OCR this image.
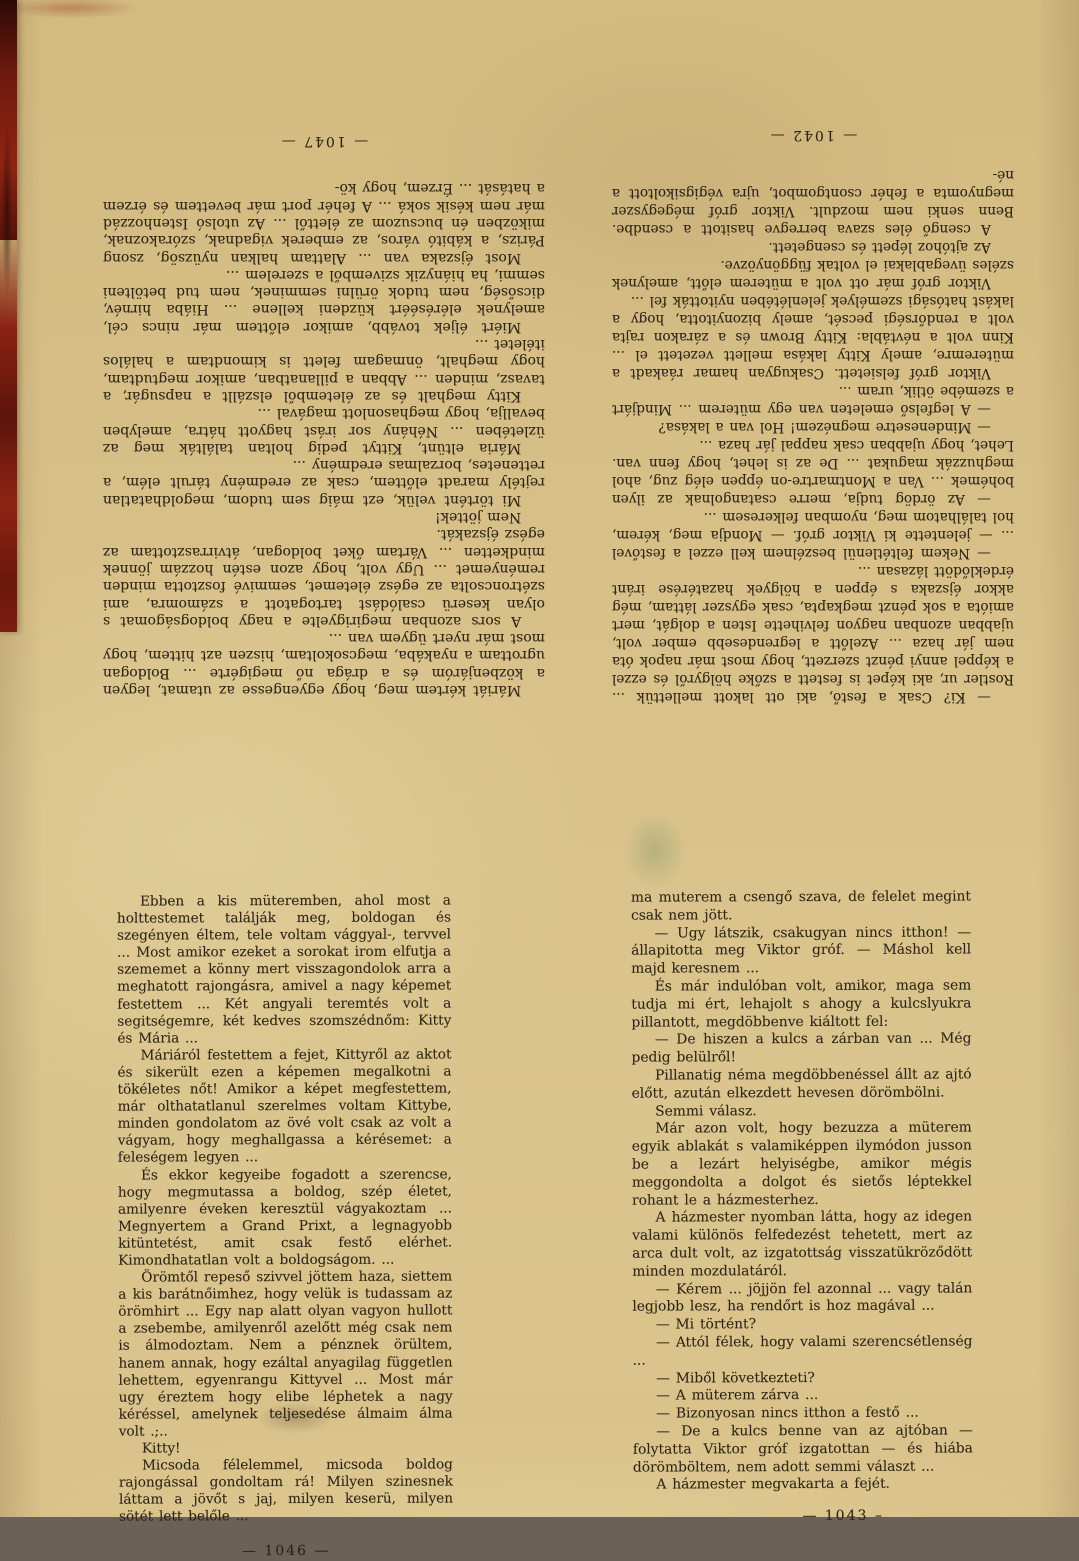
Máriát kértem meg, hogy egyengesse az utamat, legyen a közbenjáróm és a drága nő megigérte ... Boldogan ugrottam a nyakába, megcsokoltam, hiszen azt hittem, hogy most már nyert ügyem van ...

A sors azonban megirigyelte a nagy boldogságomat s olyan keserü csalódást tartogatott a számomra, ami szétroncsolta az egész életemet, semmivé fosztotta minden reményemet ... Ugy volt, hogy azon estén hozzám jönnek mindketten ... Vártam őket boldogan, átvirrasztottam az egész éjszakát.

Nem jöttek!

Mi történt velük, ezt máig sem tudom, megoldhatatlan rejtély maradt előttem, csak az eredmény tárult elém, a rettenetes, borzalmas eredmény ...

Mária eltünt, Kittyt pedig holtan találták meg az üzletében ... Néhány sor irást hagyott hátra, amelyben bevallja, hogy meghasonlott magával ...

Kitty meghalt és az életemből elszállt a napsugár, a tavasz, minden ... Abban a pillanatban, amikor megtudtam, hogy meghalt, önmagam felett is kimondtam a halálos itéletet ...

Miért éljek tovább, amikor előttem már nincs cél, amelynek eléréséért küzdeni kellene ... Hiába hirnév, dicsőség, nem tudok örülni semminek, nem tud betölteni semmi, ha hiányzik szivemből a szerelem ...

Most éjszaka van ... Alattam halkan nyüzsög, zsong Párizs, a kábitó város, az emberek vigadnak, szórakoznak, miközben én bucsuzom az élettől ... Az utolsó Istenhozzád már nem késik soká ... A fehér port már bevettem és érzem a hatását ... Érzem, hogy kö-

— 1047 —

— Ki? Csak a festő, aki ott lakott mellettük ... Rostler ur, aki képet is festett a szőke hölgyről és ezzel a képpel annyi pénzt szerzett, hogy most már napok óta nem jár haza ... Azelőtt a legrendesebb ember volt, ujabban azonban nagyon felvihette Isten a dolgát, mert amióta a sok pénzt megkapta, csak egyszer láttam, még akkor éjszaka s éppen a hölgyek hazatérése iránt érdeklődött lázasan ...

— Nekem feltétlenül beszélnem kell ezzel a festővel ... — jelentette ki Viktor gróf. — Mondja meg, kérem, hol találhatom meg, nyomban felkeresem ...

— Az ördög tudja, merre csatangolnak az ilyen bohémek ... Van a Montmartre-on éppen elég zug, ahol meghuzzák magukat ... De az is lehet, hogy fenn van. Lehet, hogy ujabban csak nappal jár haza ...

— Mindenesetre megnézem! Hol van a lakása?

— A legfelső emeleten van egy müterem ... Mindjárt a szemébe ötlik, uram ...

Viktor gróf felsietett. Csakugyan hamar ráakadt a müteremre, amely Kitty lakása mellett vezetett el ... Kinn volt a névtábla: Kitty Brown és a zárakon rajta volt a rendőrségi pecsét, amely bizonyitotta, hogy a lakást hatósági személyek jelenlétében nyitották fel ...

Viktor gróf már ott volt a müterem előtt, amelynek széles üvegablakai el voltak függönyözve.

Az ajtóhoz lépett és csengetett.

A csengő éles szava berregve hasitott a csendbe. Benn senki nem mozdult. Viktor gróf mégegyszer megnyomta a fehér csontgombot, ujra végigsikoltott a né-

— 1042 —

Ebben a kis müteremben, ahol most a holttestemet találják meg, boldogan és szegényen éltem, tele voltam vággyal-, tervvel ... Most amikor ezeket a sorokat irom elfutja a szememet a könny mert visszagondolok arra a meghatott rajongásra, amivel a nagy képemet festettem ... Két angyali teremtés volt a segitségemre, két kedves szomszédnőm: Kitty és Mária ...

Máriáról festettem a fejet, Kittyről az aktot és sikerült ezen a képemen megalkotni a tökéletes nőt! Amikor a képet megfestettem, már olthatatlanul szerelmes voltam Kittybe, minden gondolatom az övé volt csak az volt a vágyam, hogy meghallgassa a kérésemet: a feleségem legyen ...

És ekkor kegyeibe fogadott a szerencse, hogy megmutassa a boldog, szép életet, amilyenre éveken keresztül vágyakoztam ... Megnyertem a Grand Prixt, a legnagyobb kitüntetést, amit csak festő elérhet. Kimondhatatlan volt a boldogságom. ...

Örömtől repeső szivvel jöttem haza, siettem a kis barátnőimhez, hogy velük is tudassam az örömhirt ... Egy nap alatt olyan vagyon hullott a zsebembe, amilyenről azelőtt még csak nem is álmodoztam. Nem a pénznek örültem, hanem annak, hogy ezáltal anyagilag független lehettem, egyenrangu Kittyvel ... Most már ugy éreztem hogy elibe léphetek a nagy kéréssel, amelynek teljesedése álmaim álma volt .;..

Kitty!

Micsoda félelemmel, micsoda boldog rajongással gondoltam rá! Milyen szinesnek láttam a jövőt s jaj, milyen keserü, milyen sötét lett belőle ...

— 1046 —

ma muterem a csengő szava, de felelet megint csak nem jött.

— Ugy látszik, csakugyan nincs itthon! — állapitotta meg Viktor gróf. — Máshol kell majd keresnem ...

És már indulóban volt, amikor, maga sem tudja mi ért, lehajolt s ahogy a kulcslyukra pillantott, megdöbbenve kiáltott fel:

— De hiszen a kulcs a zárban van ... Még pedig belülről!

Pillanatig néma megdöbbenéssel állt az ajtó előtt, azután elkezdett hevesen dörömbölni.

Semmi válasz.

Már azon volt, hogy bezuzza a müterem egyik ablakát s valamiképpen ilymódon jusson be a lezárt helyiségbe, amikor mégis meggondolta a dolgot és sietős léptekkel rohant le a házmesterhez.

A házmester nyomban látta, hogy az idegen valami különös felfedezést tehetett, mert az arca dult volt, az izgatottság visszatükröződött minden mozdulatáról.

— Kérem ... jöjjön fel azonnal ... vagy talán legjobb lesz, ha rendőrt is hoz magával ...

— Mi történt?

— Attól félek, hogy valami szerencsétlenség ...

— Miből következteti?

— A müterem zárva ...

— Bizonyosan nincs itthon a festő ...

— De a kulcs benne van az ajtóban — folytatta Viktor gróf izgatottan — és hiába dörömböltem, nem adott semmi választ ...

A házmester megvakarta a fejét.

— 1043 –
